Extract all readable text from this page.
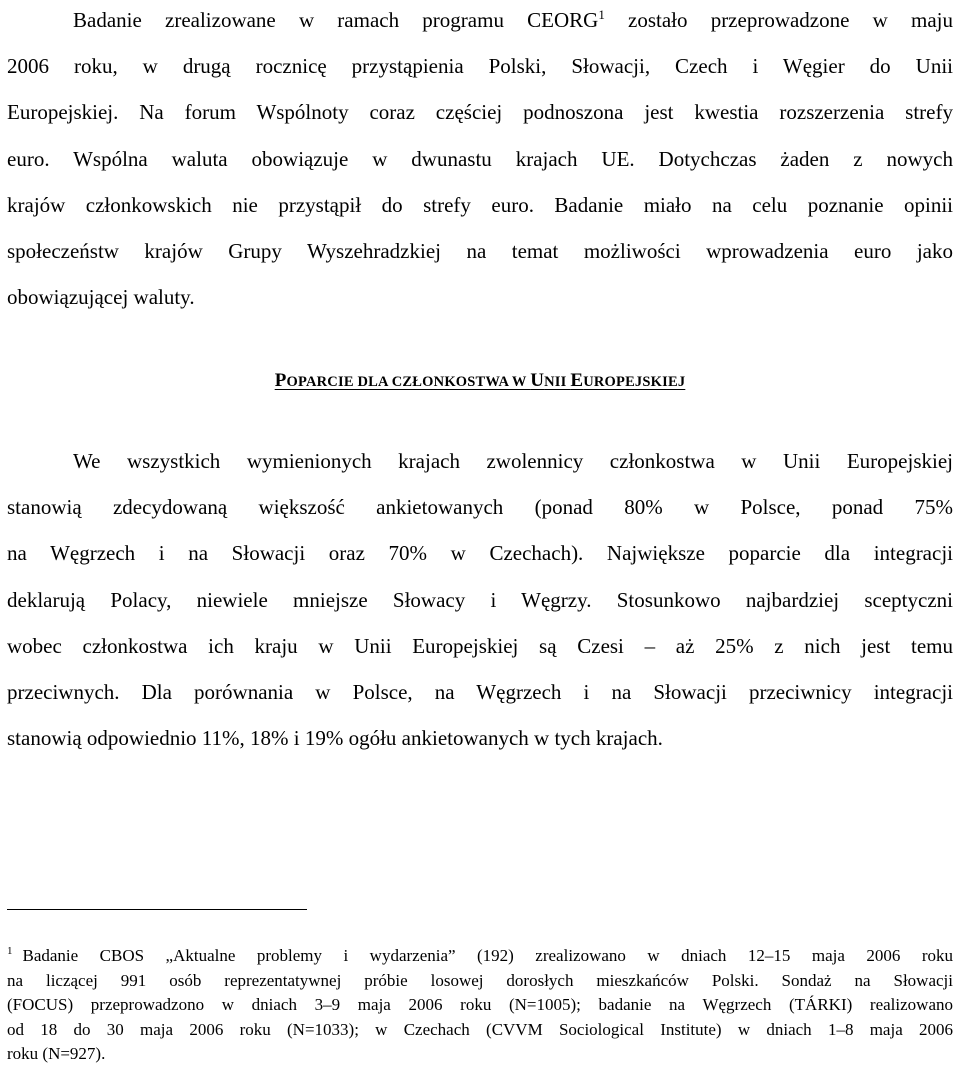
Badanie zrealizowane w ramach programu CEORG$^1$ zostało przeprowadzone w maju
2006 roku, w drugą rocznicę przystąpienia Polski, Słowacji, Czech i Węgier do Unii
Europejskiej. Na forum Wspólnoty coraz częściej podnoszona jest kwestia rozszerzenia strefy
euro. Wspólna waluta obowiązuje w dwunastu krajach UE. Dotychczas żaden z nowych
krajów członkowskich nie przystąpił do strefy euro. Badanie miało na celu poznanie opinii
społeczeństw krajów Grupy Wyszehradzkiej na temat możliwości wprowadzenia euro jako
obowiązującej waluty.
POPARCIE DLA CZŁONKOSTWA W UNII EUROPEJSKIEJ
We wszystkich wymienionych krajach zwolennicy członkostwa w Unii Europejskiej
stanowią zdecydowaną większość ankietowanych (ponad 80% w Polsce, ponad 75%
na Węgrzech i na Słowacji oraz 70% w Czechach). Największe poparcie dla integracji
deklarują Polacy, niewiele mniejsze Słowacy i Węgrzy. Stosunkowo najbardziej sceptyczni
wobec członkostwa ich kraju w Unii Europejskiej są Czesi – aż 25% z nich jest temu
przeciwnych. Dla porównania w Polsce, na Węgrzech i na Słowacji przeciwnicy integracji
stanowią odpowiednio 11%, 18% i 19% ogółu ankietowanych w tych krajach.
$^1$ Badanie CBOS „Aktualne problemy i wydarzenia” (192) zrealizowano w dniach 12–15 maja 2006 roku
na liczącej 991 osób reprezentatywnej próbie losowej dorosłych mieszkańców Polski. Sondaż na Słowacji
(FOCUS) przeprowadzono w dniach 3–9 maja 2006 roku (N=1005); badanie na Węgrzech (TÁRKI) realizowano
od 18 do 30 maja 2006 roku (N=1033); w Czechach (CVVM Sociological Institute) w dniach 1–8 maja 2006
roku (N=927).
